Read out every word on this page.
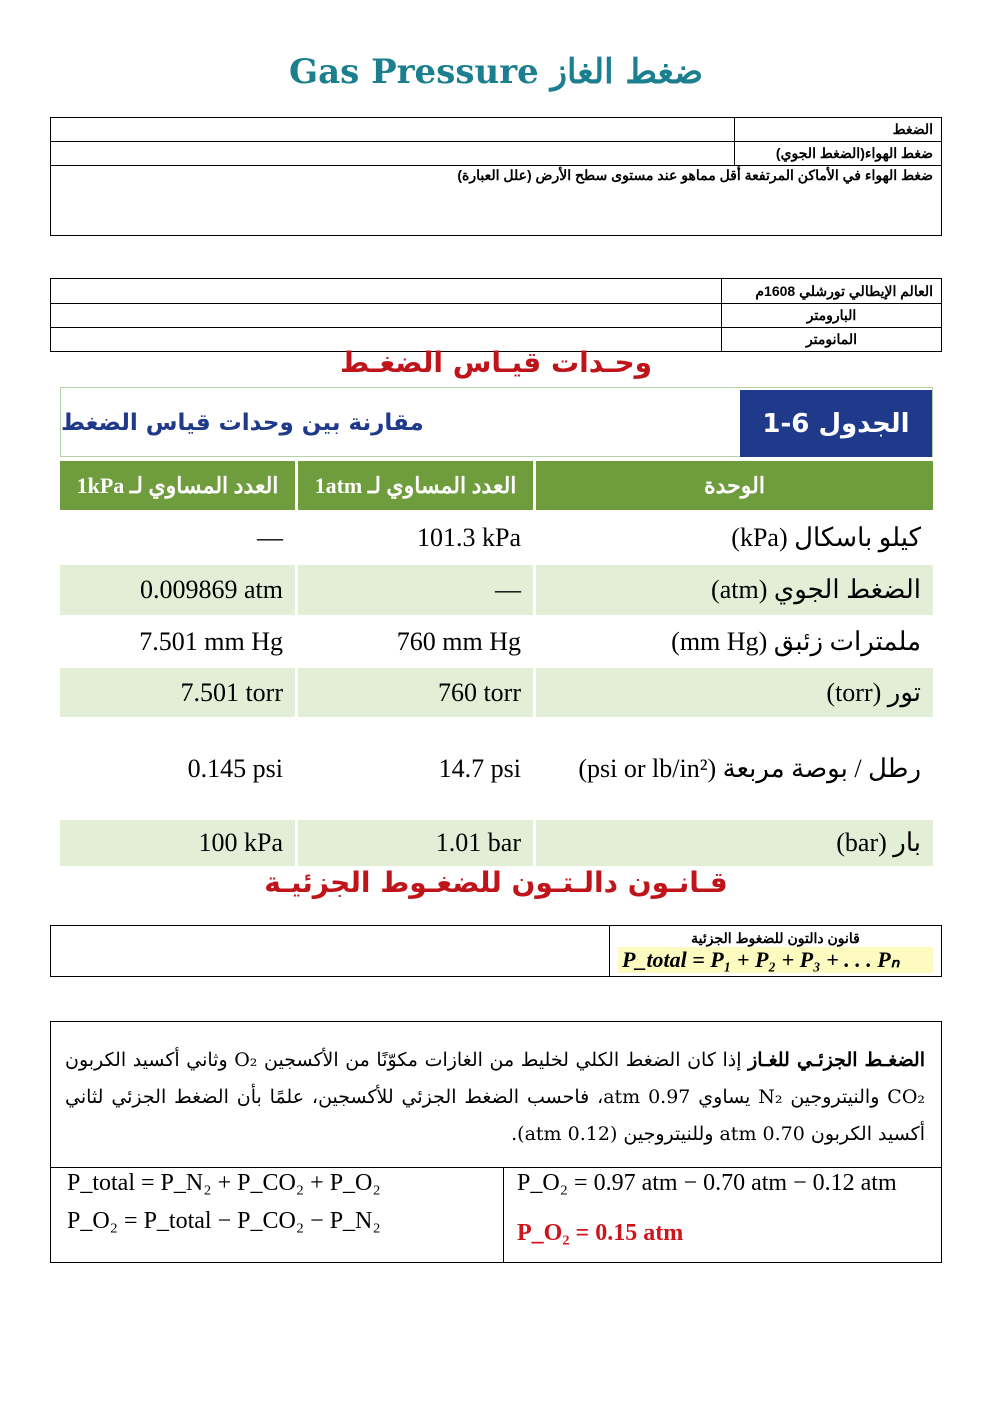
Gas Pressure ضغط الغاز
	الضغط
	ضغط الهواء(الضغط الجوي)
ضغط الهواء في الأماكن المرتفعة أقل مماهو عند مستوى سطح الأرض (علل العبارة)	
	العالم الإيطالي تورشلي 1608م
	البارومتر
	المانومتر
وحـدات قيـاس الضغـط
مقارنة بين وحدات قياس الضغط	الجدول 6-1
العدد المساوي لـ 1kPa	العدد المساوي لـ 1atm	الوحدة
—	101.3 kPa	كيلو باسكال (kPa)
0.009869 atm	—	الضغط الجوي (atm)
7.501 mm Hg	760 mm Hg	ملمترات زئبق (mm Hg)
7.501 torr	760 torr	تور (torr)
0.145 psi	14.7 psi	رطل / بوصة مربعة (psi or lb/in²)
100 kPa	1.01 bar	بار (bar)
قـانـون دالـتـون للضغـوط الجزئيـة

قانون دالتون للضغوط الجزئية
P_total = P₁ + P₂ + P₃ + . . . Pₙ
الضغـط الجزئـي للغـاز إذا كان الضغط الكلي لخليط من الغازات مكوّنًا من الأكسجين O₂ وثاني أكسيد الكربون CO₂ والنيتروجين N₂ يساوي 0.97 atm، فاحسب الضغط الجزئي للأكسجين، علمًا بأن الضغط الجزئي لثاني أكسيد الكربون 0.70 atm وللنيتروجين (0.12 atm).
P_total = P_N₂ + P_CO₂ + P_O₂
P_O₂ = P_total − P_CO₂ − P_N₂
P_O₂ = 0.97 atm − 0.70 atm − 0.12 atm
P_O₂ = 0.15 atm
